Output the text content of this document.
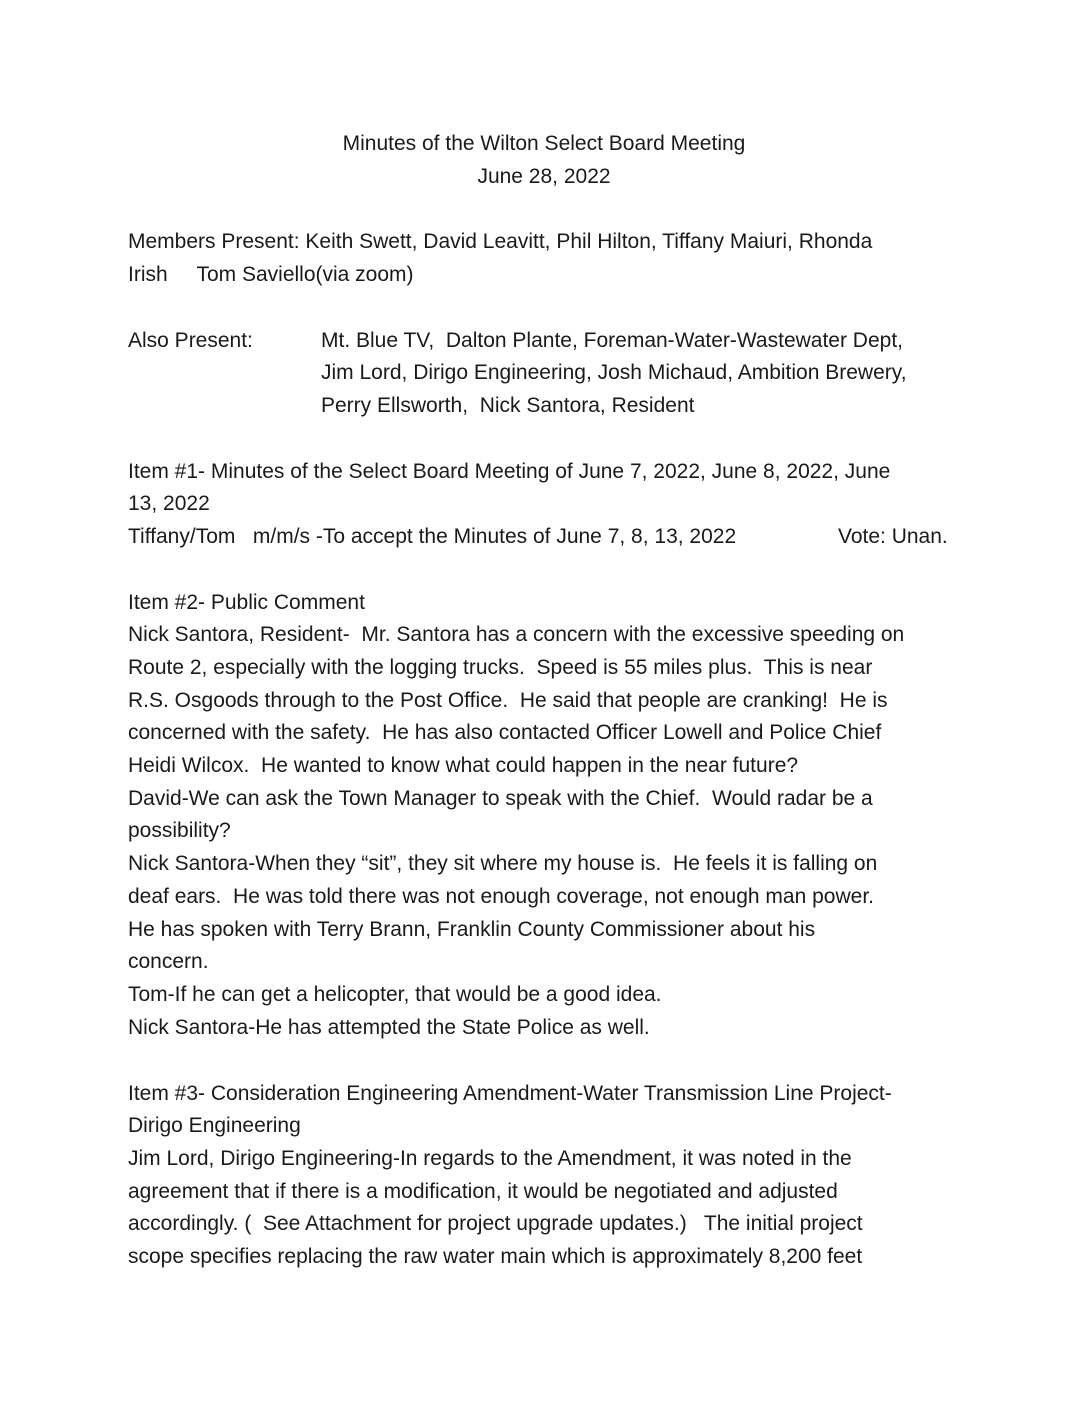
Minutes of the Wilton Select Board Meeting
June 28, 2022
Members Present: Keith Swett, David Leavitt, Phil Hilton, Tiffany Maiuri, Rhonda
Irish     Tom Saviello(via zoom)
Also Present:	Mt. Blue TV,  Dalton Plante, Foreman-Water-Wastewater Dept,
Jim Lord, Dirigo Engineering, Josh Michaud, Ambition Brewery,
Perry Ellsworth,  Nick Santora, Resident
Item #1- Minutes of the Select Board Meeting of June 7, 2022, June 8, 2022, June
13, 2022
Tiffany/Tom   m/m/s -To accept the Minutes of June 7, 8, 13, 2022	Vote: Unan.
Item #2- Public Comment
Nick Santora, Resident-  Mr. Santora has a concern with the excessive speeding on
Route 2, especially with the logging trucks.  Speed is 55 miles plus.  This is near
R.S. Osgoods through to the Post Office.  He said that people are cranking!  He is
concerned with the safety.  He has also contacted Officer Lowell and Police Chief
Heidi Wilcox.  He wanted to know what could happen in the near future?
David-We can ask the Town Manager to speak with the Chief.  Would radar be a
possibility?
Nick Santora-When they “sit”, they sit where my house is.  He feels it is falling on
deaf ears.  He was told there was not enough coverage, not enough man power.
He has spoken with Terry Brann, Franklin County Commissioner about his
concern.
Tom-If he can get a helicopter, that would be a good idea.
Nick Santora-He has attempted the State Police as well.
Item #3- Consideration Engineering Amendment-Water Transmission Line Project-
Dirigo Engineering
Jim Lord, Dirigo Engineering-In regards to the Amendment, it was noted in the
agreement that if there is a modification, it would be negotiated and adjusted
accordingly. (  See Attachment for project upgrade updates.)   The initial project
scope specifies replacing the raw water main which is approximately 8,200 feet
